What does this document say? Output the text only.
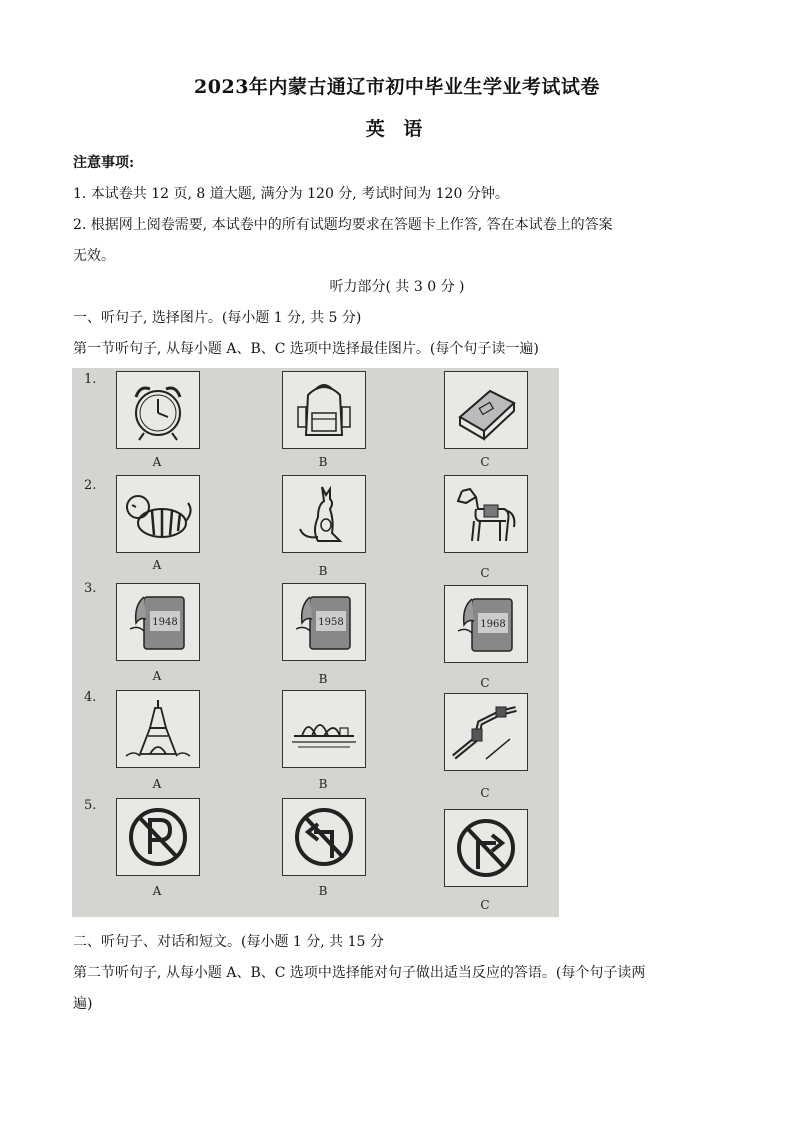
2023年内蒙古通辽市初中毕业生学业考试试卷
英 语
注意事项:
1. 本试卷共 12 页, 8 道大题, 满分为 120 分, 考试时间为 120 分钟。
2. 根据网上阅卷需要, 本试卷中的所有试题均要求在答题卡上作答, 答在本试卷上的答案
无效。
听力部分( 共 3 0 分 )
一、听句子, 选择图片。(每小题 1 分, 共 5 分)
第一节听句子, 从每小题 A、B、C 选项中选择最佳图片。(每个句子读一遍)
1.
A	B	C
2.
A	B	C
3.
1948
A
1958
B
1968
C
4.
A	B
C
5.
A	B
C
二、听句子、对话和短文。(每小题 1 分, 共 15 分
第二节听句子, 从每小题 A、B、C 选项中选择能对句子做出适当反应的答语。(每个句子读两
遍)
